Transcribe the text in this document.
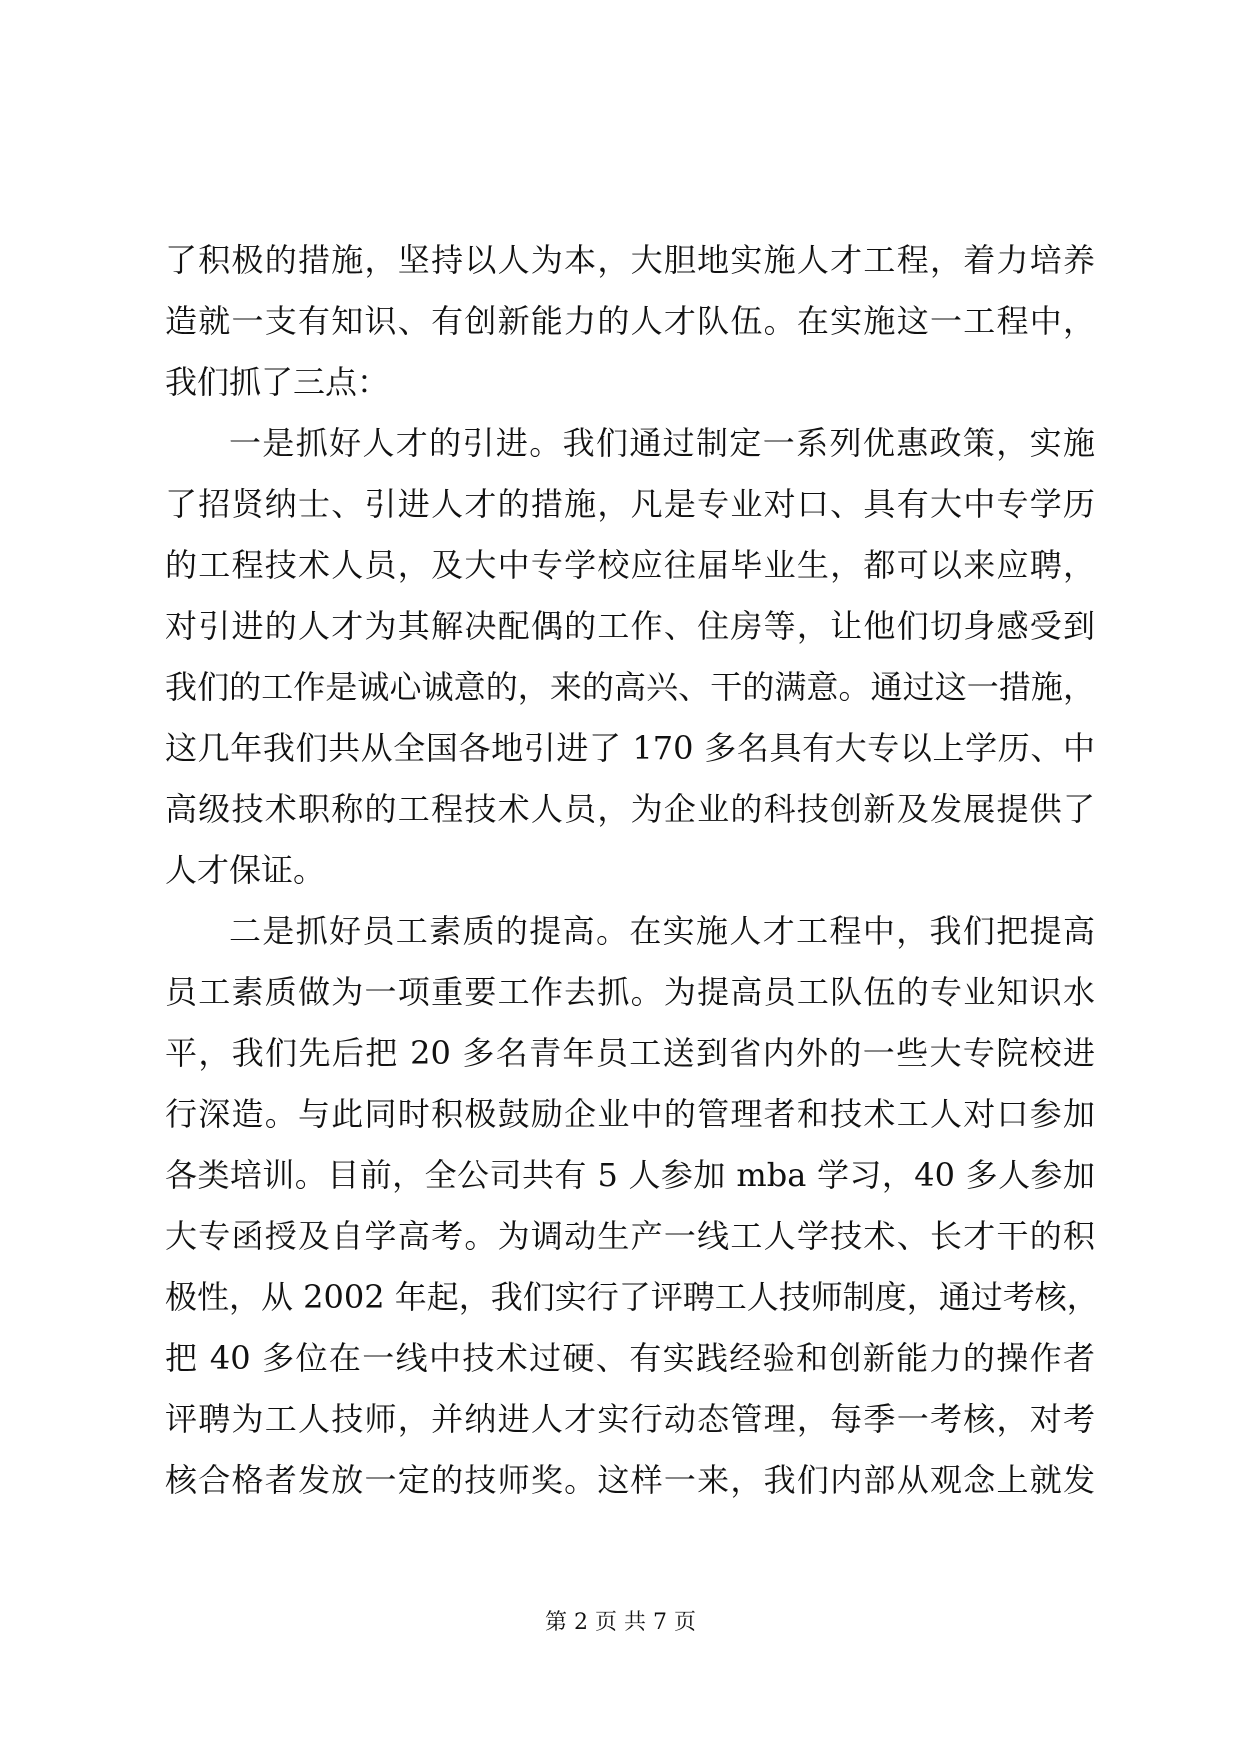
了积极的措施，坚持以人为本，大胆地实施人才工程，着力培养
造就一支有知识、有创新能力的人才队伍。在实施这一工程中，
我们抓了三点：
一是抓好人才的引进。我们通过制定一系列优惠政策，实施
了招贤纳士、引进人才的措施，凡是专业对口、具有大中专学历
的工程技术人员，及大中专学校应往届毕业生，都可以来应聘，
对引进的人才为其解决配偶的工作、住房等，让他们切身感受到
我们的工作是诚心诚意的，来的高兴、干的满意。通过这一措施，
这几年我们共从全国各地引进了 170 多名具有大专以上学历、中
高级技术职称的工程技术人员，为企业的科技创新及发展提供了
人才保证。
二是抓好员工素质的提高。在实施人才工程中，我们把提高
员工素质做为一项重要工作去抓。为提高员工队伍的专业知识水
平，我们先后把 20 多名青年员工送到省内外的一些大专院校进
行深造。与此同时积极鼓励企业中的管理者和技术工人对口参加
各类培训。目前，全公司共有 5 人参加 mba 学习，40 多人参加
大专函授及自学高考。为调动生产一线工人学技术、长才干的积
极性，从 2002 年起，我们实行了评聘工人技师制度，通过考核，
把 40 多位在一线中技术过硬、有实践经验和创新能力的操作者
评聘为工人技师，并纳进人才实行动态管理，每季一考核，对考
核合格者发放一定的技师奖。这样一来，我们内部从观念上就发
第 2 页 共 7 页
